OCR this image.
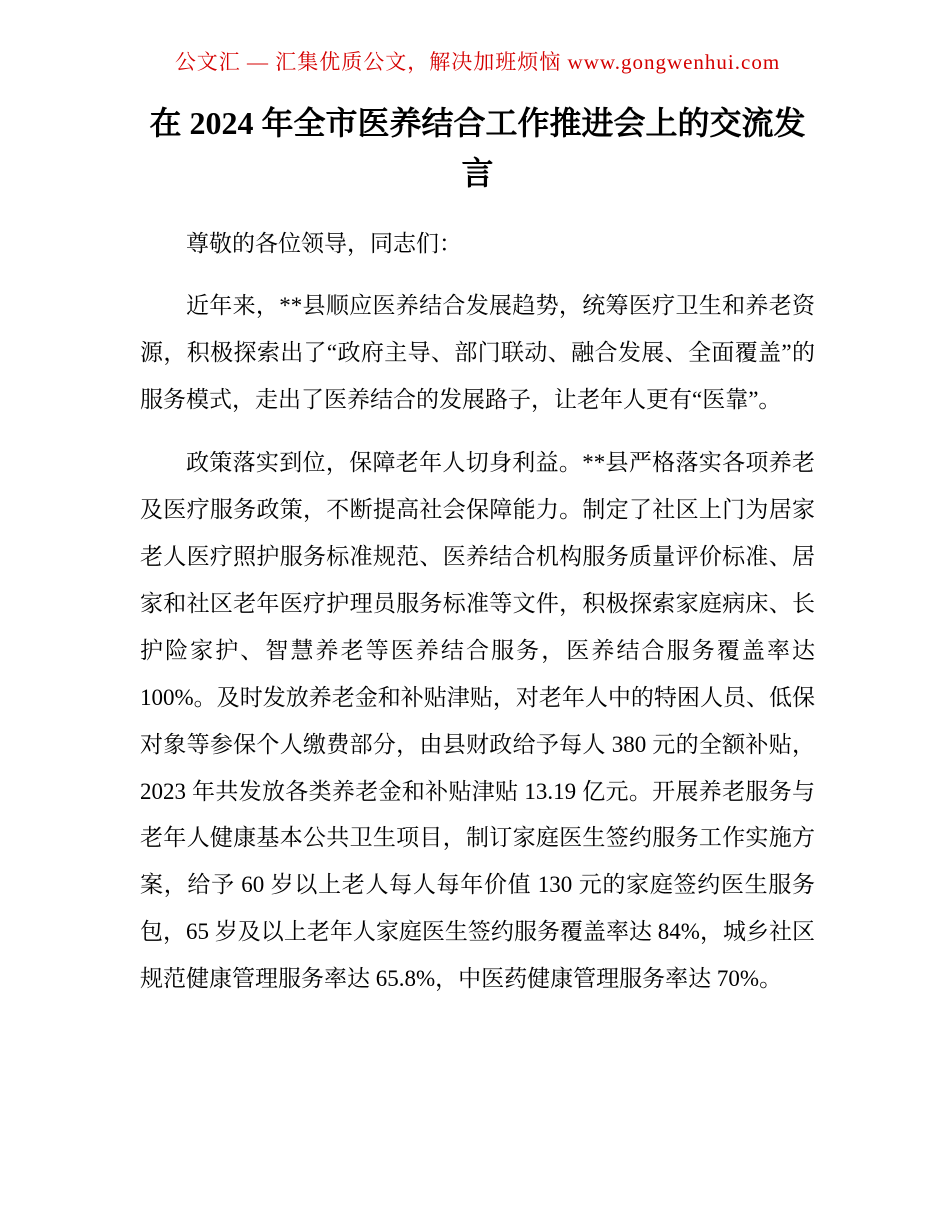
公文汇 — 汇集优质公文，解决加班烦恼 www.gongwenhui.com
在 2024 年全市医养结合工作推进会上的交流发言

尊敬的各位领导，同志们：

近年来，**县顺应医养结合发展趋势，统筹医疗卫生和养老资源，积极探索出了“政府主导、部门联动、融合发展、全面覆盖”的服务模式，走出了医养结合的发展路子，让老年人更有“医靠”。

政策落实到位，保障老年人切身利益。**县严格落实各项养老及医疗服务政策，不断提高社会保障能力。制定了社区上门为居家老人医疗照护服务标准规范、医养结合机构服务质量评价标准、居家和社区老年医疗护理员服务标准等文件，积极探索家庭病床、长护险家护、智慧养老等医养结合服务，医养结合服务覆盖率达 100%。及时发放养老金和补贴津贴，对老年人中的特困人员、低保对象等参保个人缴费部分，由县财政给予每人 380 元的全额补贴，2023 年共发放各类养老金和补贴津贴 13.19 亿元。开展养老服务与老年人健康基本公共卫生项目，制订家庭医生签约服务工作实施方案，给予 60 岁以上老人每人每年价值 130 元的家庭签约医生服务包，65 岁及以上老年人家庭医生签约服务覆盖率达 84%，城乡社区规范健康管理服务率达 65.8%，中医药健康管理服务率达 70%。
